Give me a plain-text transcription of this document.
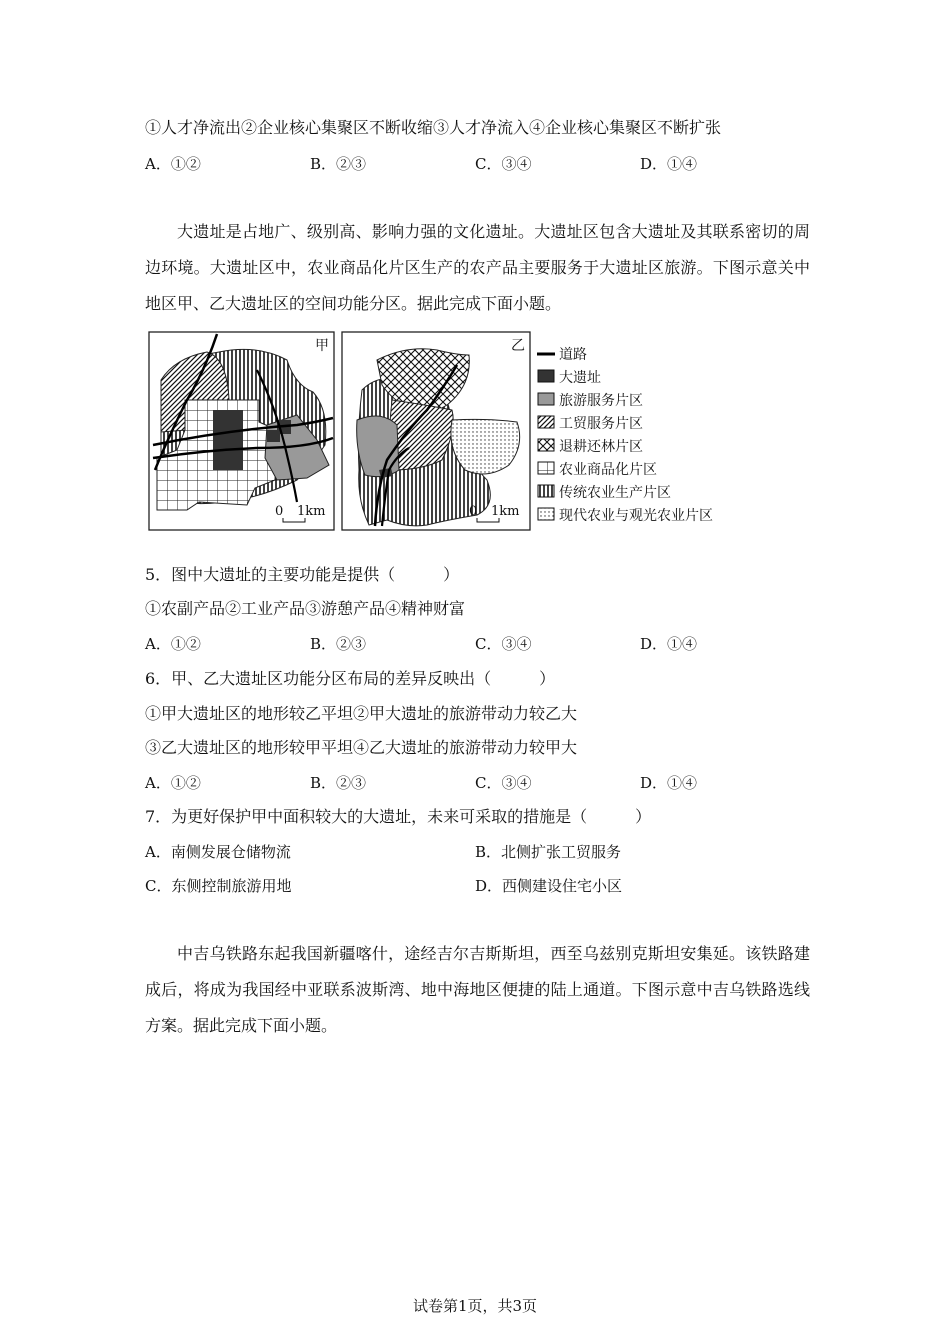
①人才净流出②企业核心集聚区不断收缩③人才净流入④企业核心集聚区不断扩张
A．①②	B．②③	C．③④	D．①④
大遗址是占地广、级别高、影响力强的文化遗址。大遗址区包含大遗址及其联系密切的周边环境。大遗址区中，农业商品化片区生产的农产品主要服务于大遗址区旅游。下图示意关中地区甲、乙大遗址区的空间功能分区。据此完成下面小题。
甲
0 1km
乙
0 1km
道路
大遗址
旅游服务片区
工贸服务片区
退耕还林片区
农业商品化片区
传统农业生产片区
现代农业与观光农业片区
5．图中大遗址的主要功能是提供（　　　）
①农副产品②工业产品③游憩产品④精神财富
A．①②	B．②③	C．③④	D．①④
6．甲、乙大遗址区功能分区布局的差异反映出（　　　）
①甲大遗址区的地形较乙平坦②甲大遗址的旅游带动力较乙大
③乙大遗址区的地形较甲平坦④乙大遗址的旅游带动力较甲大
A．①②	B．②③	C．③④	D．①④
7．为更好保护甲中面积较大的大遗址，未来可采取的措施是（　　　）
A．南侧发展仓储物流	B．北侧扩张工贸服务
C．东侧控制旅游用地	D．西侧建设住宅小区
中吉乌铁路东起我国新疆喀什，途经吉尔吉斯斯坦，西至乌兹别克斯坦安集延。该铁路建成后，将成为我国经中亚联系波斯湾、地中海地区便捷的陆上通道。下图示意中吉乌铁路选线方案。据此完成下面小题。
试卷第1页，共3页
